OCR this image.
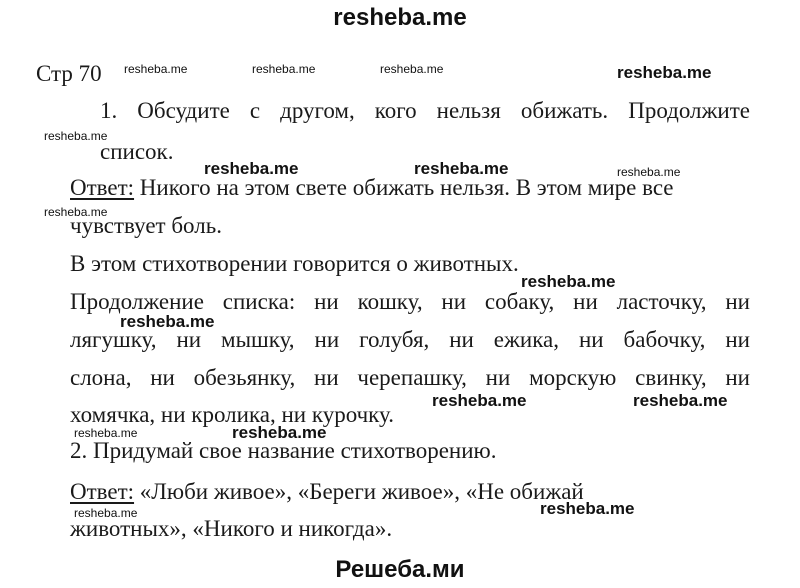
resheba.me
Стр 70
1. Обсудите с другом, кого нельзя обижать. Продолжите
список.
Ответ: Никого на этом свете обижать нельзя. В этом мире все
чувствует боль.
В этом стихотворении говорится о животных.
Продолжение списка: ни кошку, ни собаку, ни ласточку, ни
лягушку, ни мышку, ни голубя, ни ежика, ни бабочку, ни
слона, ни обезьянку, ни черепашку, ни морскую свинку, ни
хомячка, ни кролика, ни курочку.
2. Придумай свое название стихотворению.
Ответ: «Люби живое», «Береги живое», «Не обижай
животных», «Никого и никогда».
resheba.me	resheba.me	resheba.me
resheba.me
resheba.me
resheba.me
resheba.me
resheba.me
resheba.me
resheba.me	resheba.me
resheba.me
resheba.me
resheba.me	resheba.me
resheba.me
resheba.me
Решеба.ми
